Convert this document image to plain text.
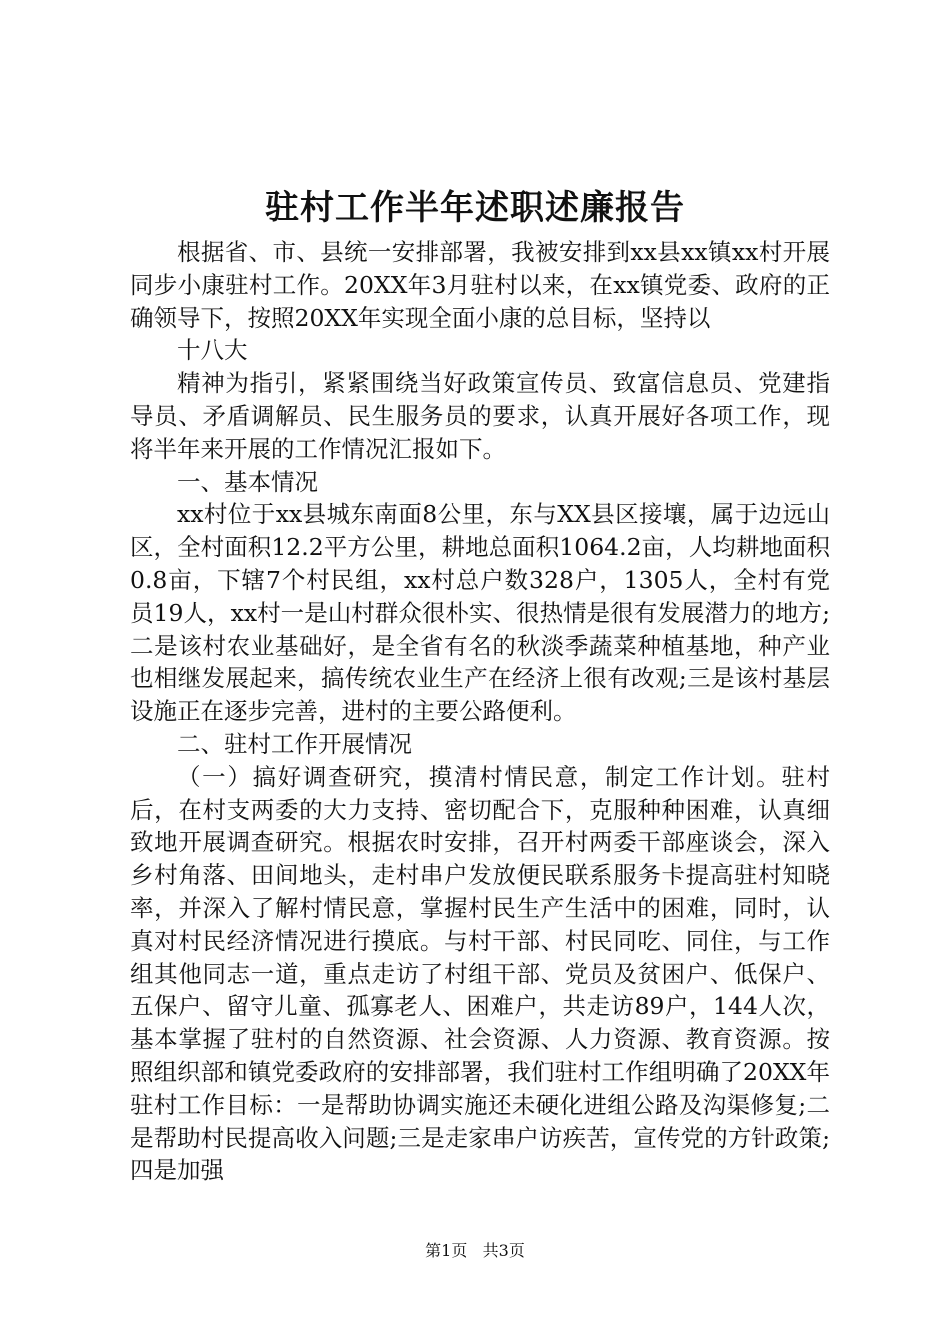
驻村工作半年述职述廉报告

根据省、市、县统一安排部署，我被安排到xx县xx镇xx村开展同步小康驻村工作。20XX年3月驻村以来，在xx镇党委、政府的正确领导下，按照20XX年实现全面小康的总目标，坚持以

十八大

精神为指引，紧紧围绕当好政策宣传员、致富信息员、党建指导员、矛盾调解员、民生服务员的要求，认真开展好各项工作，现将半年来开展的工作情况汇报如下。

一、基本情况

xx村位于xx县城东南面8公里，东与XX县区接壤，属于边远山区，全村面积12.2平方公里，耕地总面积1064.2亩，人均耕地面积0.8亩，下辖7个村民组，xx村总户数328户，1305人，全村有党员19人，xx村一是山村群众很朴实、很热情是很有发展潜力的地方;二是该村农业基础好，是全省有名的秋淡季蔬菜种植基地，种产业也相继发展起来，搞传统农业生产在经济上很有改观;三是该村基层设施正在逐步完善，进村的主要公路便利。

二、驻村工作开展情况

（一）搞好调查研究，摸清村情民意，制定工作计划。驻村后，在村支两委的大力支持、密切配合下，克服种种困难，认真细致地开展调查研究。根据农时安排，召开村两委干部座谈会，深入乡村角落、田间地头，走村串户发放便民联系服务卡提高驻村知晓率，并深入了解村情民意，掌握村民生产生活中的困难，同时，认真对村民经济情况进行摸底。与村干部、村民同吃、同住，与工作组其他同志一道，重点走访了村组干部、党员及贫困户、低保户、五保户、留守儿童、孤寡老人、困难户，共走访89户，144人次，基本掌握了驻村的自然资源、社会资源、人力资源、教育资源。按照组织部和镇党委政府的安排部署，我们驻村工作组明确了20XX年驻村工作目标：一是帮助协调实施还未硬化进组公路及沟渠修复;二是帮助村民提高收入问题;三是走家串户访疾苦，宣传党的方针政策;四是加强

第1页 共3页
